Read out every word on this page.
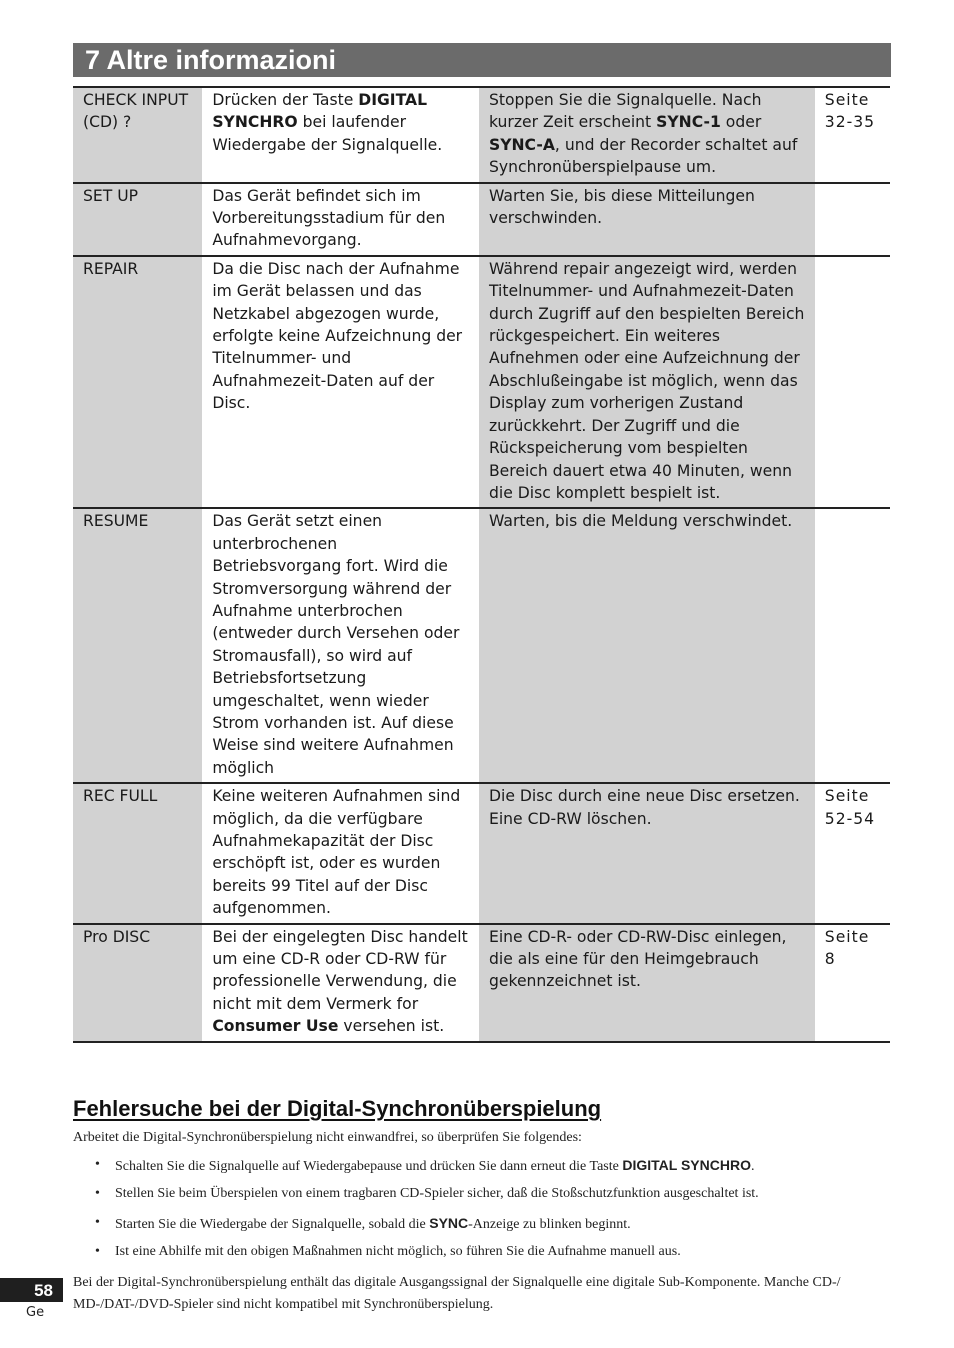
7 Altre informazioni
CHECK INPUT (CD) ?	Drücken der Taste DIGITAL SYNCHRO bei laufender Wiedergabe der Signalquelle.	Stoppen Sie die Signalquelle. Nach kurzer Zeit erscheint SYNC-1 oder SYNC-A, und der Recorder schaltet auf Synchronüberspielpause um.	Seite 32-35
SET UP	Das Gerät befindet sich im Vorbereitungsstadium für den Aufnahmevorgang.	Warten Sie, bis diese Mitteilungen verschwinden.	
REPAIR	Da die Disc nach der Aufnahme im Gerät belassen und das Netzkabel abgezogen wurde, erfolgte keine Aufzeichnung der Titelnummer- und Aufnahmezeit-Daten auf der Disc.	Während repair angezeigt wird, werden Titelnummer- und Aufnahmezeit-Daten durch Zugriff auf den bespielten Bereich rückgespeichert. Ein weiteres Aufnehmen oder eine Aufzeichnung der Abschlußeingabe ist möglich, wenn das Display zum vorherigen Zustand zurückkehrt. Der Zugriff und die Rückspeicherung vom bespielten Bereich dauert etwa 40 Minuten, wenn die Disc komplett bespielt ist.	
RESUME	Das Gerät setzt einen unterbrochenen Betriebsvorgang fort. Wird die Stromversorgung während der Aufnahme unterbrochen (entweder durch Versehen oder Stromausfall), so wird auf Betriebsfortsetzung umgeschaltet, wenn wieder Strom vorhanden ist. Auf diese Weise sind weitere Aufnahmen möglich	Warten, bis die Meldung verschwindet.	
REC FULL	Keine weiteren Aufnahmen sind möglich, da die verfügbare Aufnahmekapazität der Disc erschöpft ist, oder es wurden bereits 99 Titel auf der Disc aufgenommen.	Die Disc durch eine neue Disc ersetzen. Eine CD-RW löschen.	Seite 52-54
Pro DISC	Bei der eingelegten Disc handelt um eine CD-R oder CD-RW für professionelle Verwendung, die nicht mit dem Vermerk for Consumer Use versehen ist.	Eine CD-R- oder CD-RW-Disc einlegen, die als eine für den Heimgebrauch gekennzeichnet ist.	Seite 8
Fehlersuche bei der Digital-Synchronüberspielung
Arbeitet die Digital-Synchronüberspielung nicht einwandfrei, so überprüfen Sie folgendes:
• Schalten Sie die Signalquelle auf Wiedergabepause und drücken Sie dann erneut die Taste DIGITAL SYNCHRO.
• Stellen Sie beim Überspielen von einem tragbaren CD-Spieler sicher, daß die Stoßschutzfunktion ausgeschaltet ist.
• Starten Sie die Wiedergabe der Signalquelle, sobald die SYNC-Anzeige zu blinken beginnt.
• Ist eine Abhilfe mit den obigen Maßnahmen nicht möglich, so führen Sie die Aufnahme manuell aus.
Bei der Digital-Synchronüberspielung enthält das digitale Ausgangssignal der Signalquelle eine digitale Sub-Komponente. Manche CD-/ MD-/DAT-/DVD-Spieler sind nicht kompatibel mit Synchronüberspielung.
58
Ge
